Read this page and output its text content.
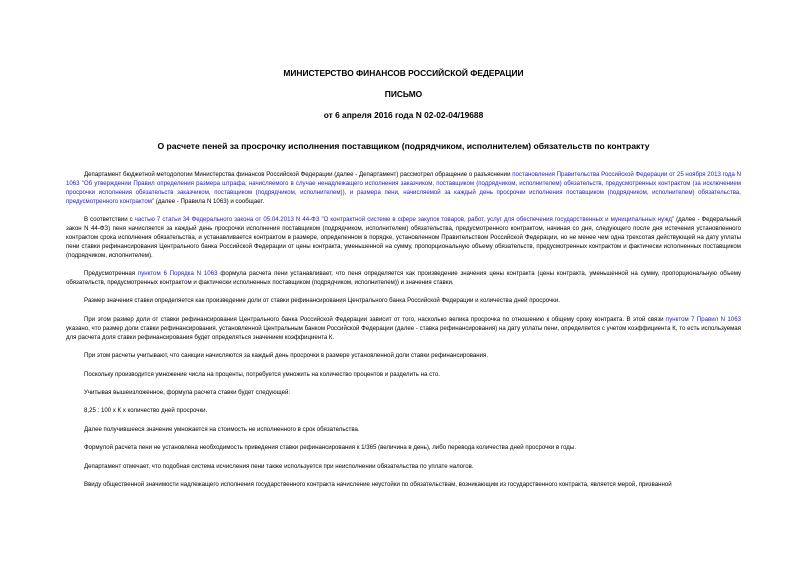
МИНИСТЕРСТВО ФИНАНСОВ РОССИЙСКОЙ ФЕДЕРАЦИИ
ПИСЬМО
от 6 апреля 2016 года N 02-02-04/19688
О расчете пеней за просрочку исполнения поставщиком (подрядчиком, исполнителем) обязательств по контракту

Департамент бюджетной методологии Министерства финансов Российской Федерации (далее - Департамент) рассмотрел обращение о разъяснении постановления Правительства Российской Федерации от 25 ноября 2013 года N 1063 "Об утверждении Правил определения размера штрафа, начисляемого в случае ненадлежащего исполнения заказчиком, поставщиком (подрядчиком, исполнителем) обязательств, предусмотренных контрактом (за исключением просрочки исполнения обязательств заказчиком, поставщиком (подрядчиком, исполнителем)), и размера пени, начисляемой за каждый день просрочки исполнения поставщиком (подрядчиком, исполнителем) обязательства, предусмотренного контрактом" (далее - Правила N 1063) и сообщает.

В соответствии с частью 7 статьи 34 Федерального закона от 05.04.2013 N 44-ФЗ "О контрактной системе в сфере закупок товаров, работ, услуг для обеспечения государственных и муниципальных нужд" (далее - Федеральный закон N 44-ФЗ) пеня начисляется за каждый день просрочки исполнения поставщиком (подрядчиком, исполнителем) обязательства, предусмотренного контрактом, начиная со дня, следующего после дня истечения установленного контрактом срока исполнения обязательства, и устанавливается контрактом в размере, определенном в порядке, установленном Правительством Российской Федерации, но не менее чем одна трехсотая действующей на дату уплаты пени ставки рефинансирования Центрального банка Российской Федерации от цены контракта, уменьшенной на сумму, пропорциональную объему обязательств, предусмотренных контрактом и фактически исполненных поставщиком (подрядчиком, исполнителем).

Предусмотренная пунктом 6 Порядка N 1063 формула расчета пени устанавливает, что пеня определяется как произведение значения цены контракта (цены контракта, уменьшенной на сумму, пропорциональную объему обязательств, предусмотренных контрактом и фактически исполненных поставщиком (подрядчиком, исполнителем)) и значения ставки.

Размер значения ставки определяется как произведение доли от ставки рефинансирования Центрального банка Российской Федерации и количества дней просрочки.

При этом размер доли от ставки рефинансирования Центрального банка Российской Федерации зависит от того, насколько велика просрочка по отношению к общему сроку контракта. В этой связи пунктом 7 Правил N 1063 указано, что размер доли ставки рефинансирования, установленной Центральным банком Российской Федерации (далее - ставка рефинансирования) на дату уплаты пени, определяется с учетом коэффициента К, то есть используемая для расчета доля ставки рефинансирования будет определяться значением коэффициента К.

При этом расчеты учитывают, что санкции начисляются за каждый день просрочки в размере установленной доли ставки рефинансирования.

Поскольку производится умножение числа на проценты, потребуется умножить на количество процентов и разделить на сто.

Учитывая вышеизложенное, формула расчета ставки будет следующей:

8,25 : 100 х К х количество дней просрочки.

Далее получившееся значение умножается на стоимость не исполненного в срок обязательства.

Формулой расчета пени не установлена необходимость приведения ставки рефинансирования к 1/365 (величина в день), либо перевода количества дней просрочки в годы.

Департамент отмечает, что подобная система исчисления пени также используется при неисполнении обязательства по уплате налогов.

Ввиду общественной значимости надлежащего исполнения государственного контракта начисление неустойки по обязательствам, возникающим из государственного контракта, является мерой, призванной
